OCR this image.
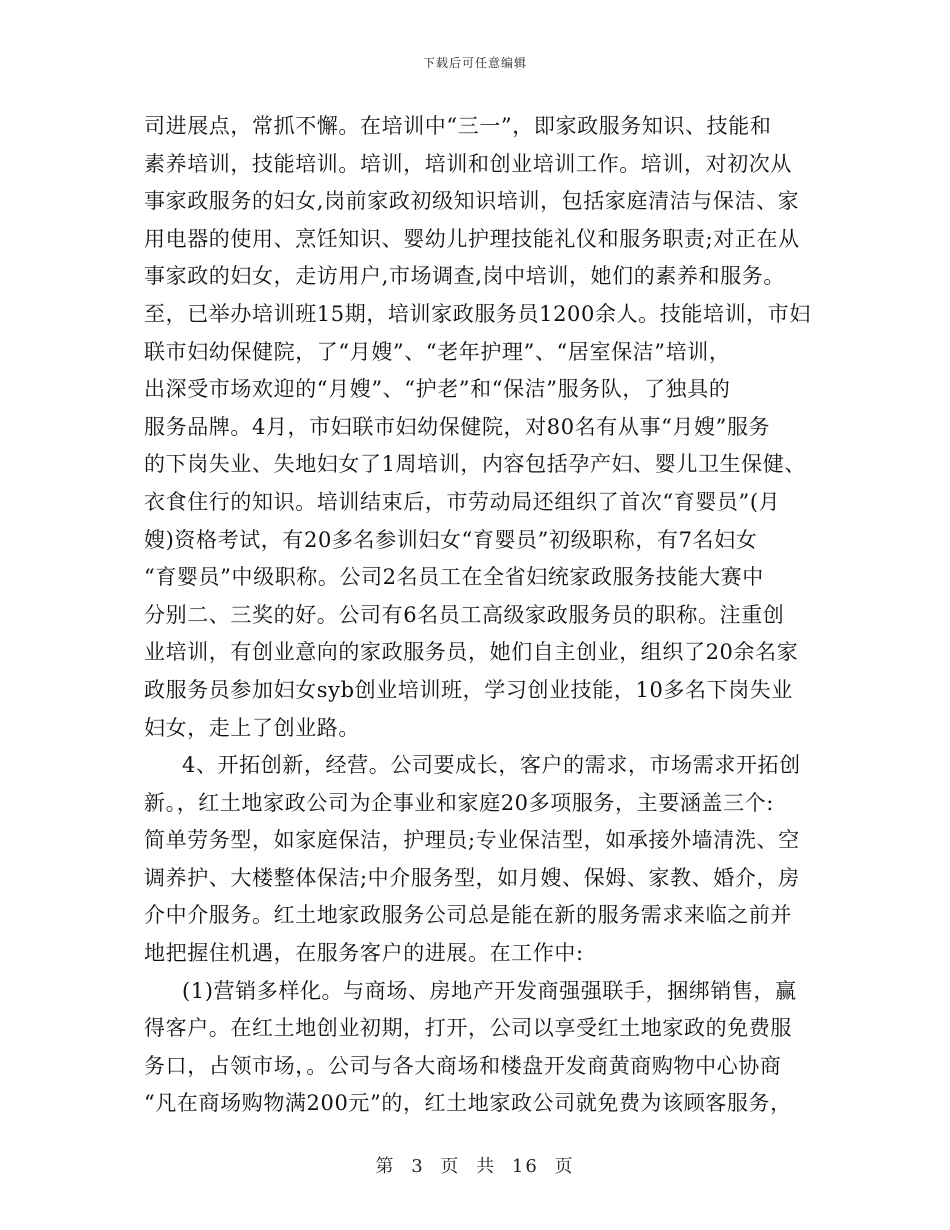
下载后可任意编辑
司进展点，常抓不懈。在培训中“三一”，即家政服务知识、技能和
素养培训，技能培训。培训，培训和创业培训工作。培训，对初次从
事家政服务的妇女,岗前家政初级知识培训，包括家庭清洁与保洁、家
用电器的使用、烹饪知识、婴幼儿护理技能礼仪和服务职责;对正在从
事家政的妇女，走访用户,市场调查,岗中培训，她们的素养和服务。
至，已举办培训班15期，培训家政服务员1200余人。技能培训，市妇
联市妇幼保健院，了“月嫂”、“老年护理”、“居室保洁”培训，
出深受市场欢迎的“月嫂”、“护老”和“保洁”服务队，了独具的
服务品牌。4月，市妇联市妇幼保健院，对80名有从事“月嫂”服务
的下岗失业、失地妇女了1周培训，内容包括孕产妇、婴儿卫生保健、
衣食住行的知识。培训结束后，市劳动局还组织了首次“育婴员”(月
嫂)资格考试，有20多名参训妇女“育婴员”初级职称，有7名妇女
“育婴员”中级职称。公司2名员工在全省妇统家政服务技能大赛中
分别二、三奖的好。公司有6名员工高级家政服务员的职称。注重创
业培训，有创业意向的家政服务员，她们自主创业，组织了20余名家
政服务员参加妇女syb创业培训班，学习创业技能，10多名下岗失业
妇女，走上了创业路。
4、开拓创新，经营。公司要成长，客户的需求，市场需求开拓创
新。，红土地家政公司为企事业和家庭20多项服务，主要涵盖三个:
简单劳务型，如家庭保洁，护理员;专业保洁型，如承接外墙清洗、空
调养护、大楼整体保洁;中介服务型，如月嫂、保姆、家教、婚介，房
介中介服务。红土地家政服务公司总是能在新的服务需求来临之前并
地把握住机遇，在服务客户的进展。在工作中:
(1)营销多样化。与商场、房地产开发商强强联手，捆绑销售，赢
得客户。在红土地创业初期，打开，公司以享受红土地家政的免费服
务口，占领市场，。公司与各大商场和楼盘开发商黄商购物中心协商
“凡在商场购物满200元”的，红土地家政公司就免费为该顾客服务，
第 3 页 共 16 页
